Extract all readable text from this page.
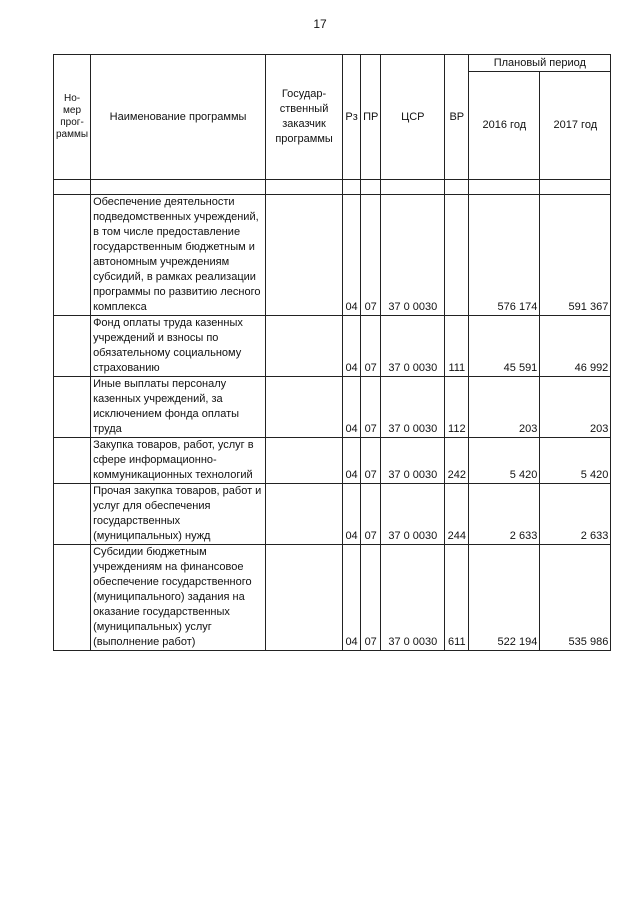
17
Но-мер прог-раммы	Наименование программы	Государ-ственный заказчик программы	Рз	ПР	ЦСР	ВР	Плановый период	
							2016 год	2017 год

	Обеспечение деятельности подведомственных учреждений, в том числе предоставление государственным бюджетным и автономным учреждениям субсидий, в рамках реализации программы по развитию лесного комплекса		04	07	37 0 0030		576 174	591 367
	Фонд оплаты труда казенных учреждений и взносы по обязательному социальному страхованию		04	07	37 0 0030	111	45 591	46 992
	Иные выплаты персоналу казенных учреждений, за исключением фонда оплаты труда		04	07	37 0 0030	112	203	203
	Закупка товаров, работ, услуг в сфере информационно-коммуникационных технологий		04	07	37 0 0030	242	5 420	5 420
	Прочая закупка товаров, работ и услуг для обеспечения государственных (муниципальных) нужд		04	07	37 0 0030	244	2 633	2 633
	Субсидии бюджетным учреждениям на финансовое обеспечение государственного (муниципального) задания на оказание государственных (муниципальных) услуг (выполнение работ)		04	07	37 0 0030	611	522 194	535 986
